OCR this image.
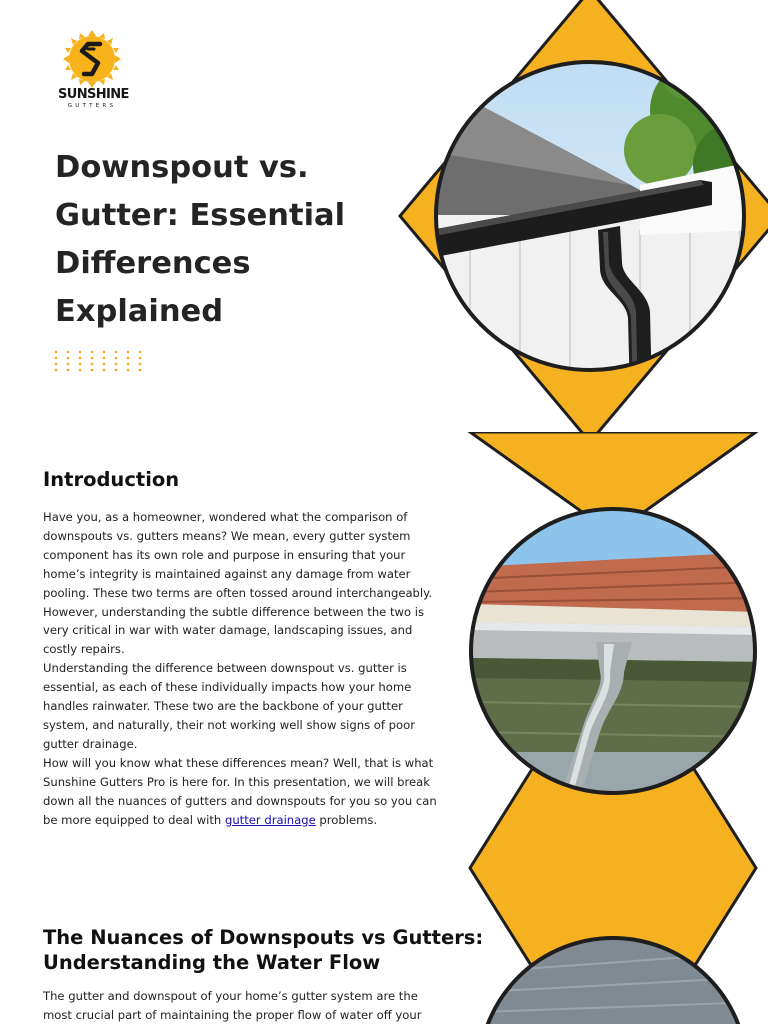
SUNSHINE
GUTTERS
Downspout vs. Gutter: Essential Differences Explained
Introduction

Have you, as a homeowner, wondered what the comparison of downspouts vs. gutters means? We mean, every gutter system component has its own role and purpose in ensuring that your home’s integrity is maintained against any damage from water pooling. These two terms are often tossed around interchangeably. However, understanding the subtle difference between the two is very critical in war with water damage, landscaping issues, and costly repairs.

Understanding the difference between downspout vs. gutter is essential, as each of these individually impacts how your home handles rainwater. These two are the backbone of your gutter system, and naturally, their not working well show signs of poor gutter drainage.

How will you know what these differences mean? Well, that is what Sunshine Gutters Pro is here for. In this presentation, we will break down all the nuances of gutters and downspouts for you so you can be more equipped to deal with gutter drainage problems.

The Nuances of Downspouts vs Gutters: Understanding the Water Flow

The gutter and downspout of your home’s gutter system are the most crucial part of maintaining the proper flow of water off your
